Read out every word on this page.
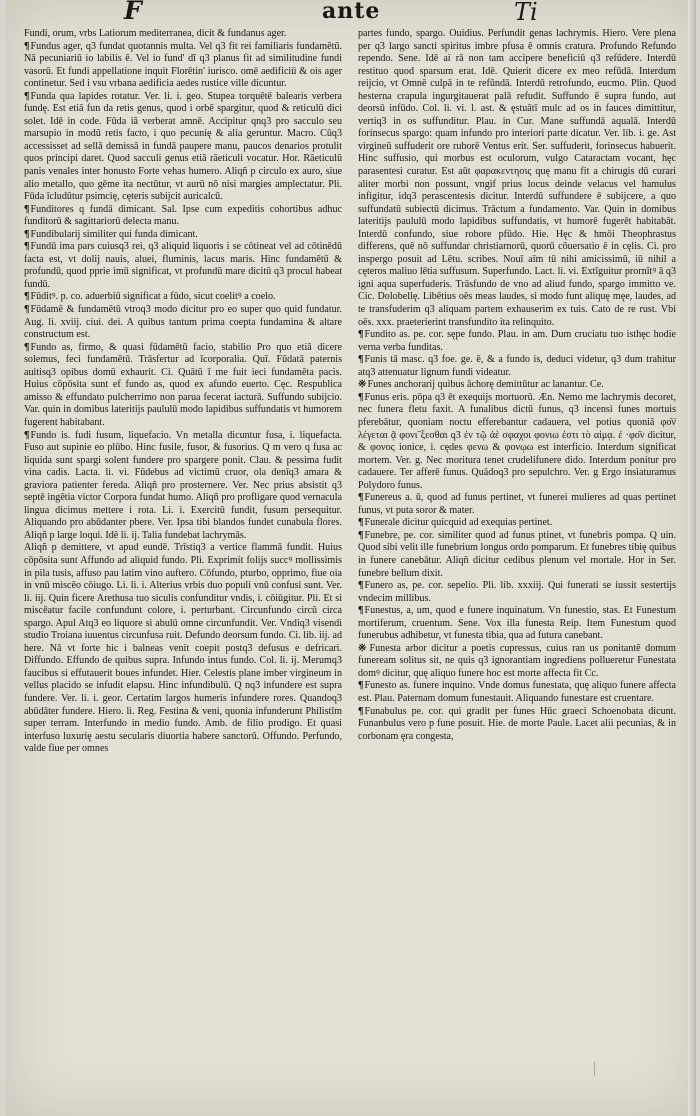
F	ante	Ti

Fundi, orum, vrbs Latiorum mediterranea, dicit & fundanus ager.

¶Fundus ager, q3 fundat quotannis multa. Vel q3 fit rei familiaris fundamētū. Nā pecuniariū io labilis ē. Vel io fund' dī q3 planus fit ad similitudine fundi vasorū. Et fundi appellatione inquit Florētin' iurisco. omē aedificiū & ois ager continetur. Sed i vsu vrbana aedificia aedes rustice ville dicuntur.

¶Funda qua lapides rotatur. Ver. li. i. geo. Stupea torquētē balearis verbera fundę. Est etiā fun da retis genus, quod i orbē spargitur, quod & reticulū dici solet. Idē in code. Fūda iā verberat amnē. Accipitur qnq3 pro sacculo seu marsupio in modū retis facto, i quo pecunię & alia geruntur. Macro. Cūq3 accessisset ad sellā demissā in fundā paupere manu, paucos denarios protulit quos principi daret. Quod sacculi genus etiā rāeticuli vocatur. Hor. Rāeticulū panis venales inter honusto Forte vehas humero. Aliqñ p circulo ex auro, siue alio metallo, quo gēme ita nectūtur, vt aurū nō nisi margies amplectatur. Pli. Fūda īcludūtur psimcię, cęteris subijcit auricalcū.

¶Funditores q fundā dimicant. Sal. Ipse cum expeditis cohortibus adhuc funditorū & sagittariorū delecta manu.

¶Fundibularij similiter qui funda dimicant.

¶Fundū ima pars cuiusq3 rei, q3 aliquid liquoris i se cōtineat vel ad cōtinēdū facta est, vt dolij nauis, aluei, fluminis, lacus maris. Hinc fundamētū & profundū, quod pprie imū significat, vt profundū mare dicitū q3 procul habeat fundū.

¶Fūditꝰ. p. co. aduerbiū significat a fūdo, sicut coelitꝰ a coelo.

¶Fūdamē & fundamētū vtroq3 modo dicitur pro eo super quo quid fundatur. Aug. li. xviij. ciui. dei. A quibus tantum prima coepta fundamina & altare constructum est.

¶Fundo as, firmo, & quasi fūdamētū facio, stabilio Pro quo etiā dicere solemus, feci fundamētū. Trāsfertur ad īcorporalia. Quī. Fūdatā paternis auitisq3 opibus domū exhaurit. Ci. Quātū ī me fuit ieci fundamēta pacis. Huius cōpōsita sunt ef fundo as, quod ex afundo euerto. Cęc. Respublica amisso & effundato pulcherrimo non parua fecerat iacturā. Suffundo subijcio. Var. quin in domibus lateritijs paululū modo lapidibus suffundatis vt humorem fugerent habitabant.

¶Fundo is. fudi fusum, liquefacio. Vn metalla dicuntur fusa, i. liquefacta. Fuso aut supinie eo plūbo. Hinc fusile, fusor, & fusorius. Q m vero q fusa ac liquida sunt spargi solent fundere pro spargere ponit. Clau. & pessima fudit vina cadis. Lacta. li. vi. Fūdebus ad victimū cruor, ola denīq3 amara & graviora patienter fereda. Aliqñ pro prosternere. Ver. Nec prius absistit q3 septē ingētia victor Corpora fundat humo. Aliqñ pro profligare quod vernacula lingua dicimus mettere i rota. Li. i. Exercitū fundit, fusum persequitur. Aliquando pro abūdanter pbere. Ver. Ipsa tibi blandos fundet cunabula flores. Aliqñ p large loqui. Idē li. ij. Talia fundebat lachrymās.

Aliqñ p demittere, vt apud eundē. Trīstiq3 a vertice flammā fundit. Huius cōpōsita sunt Affundo ad aliquid fundo. Pli. Exprimit folijs succꝰ mollissimis in pila tusis, affuso pau latim vino auftero. Cōfundo, pturbo, opprimo, fiue oia in vnū miscēo cōiugo. Li. li. i. Alterius vrbis duo populi vnū confusi sunt. Ver. li. iij. Quin ficere Arethusa tuo siculis confunditur vndis, i. cōiūgitur. Pli. Et si miscēatur facile confundunt colore, i. perturbant. Circunfundo circū circa spargo. Apul Atq3 eo liquore si abulū omne circunfundit. Ver. Vndiq3 visendi studio Troiana iuuentus circunfusa ruit. Defundo deorsum fundo. Ci. lib. iij. ad here. Nā vt forte hic i balneas venit coepit postq3 defusus e defricari. Diffundo. Effundo de quibus supra. Infundo intus fundo. Col. li. ij. Merumq3 faucibus si effutauerit boues infundet. Hier. Celestis plane imber virgineum in vellus placido se infudit elapsu. Hinc infundibulū. Q nq3 infundere est supra fundere. Ver. li. i. geor. Certatim largos humeris infundere rores. Quandoq3 abūdāter fundere. Hiero. li. Reg. Festina & veni, quonia infunderunt Philistīm super terram. Interfundo in medio fundo. Amb. de filio prodigo. Et quasi interfuso luxurię aestu secularis diuortia habere sanctorū. Offundo. Perfundo, valde fiue per omnes

partes fundo, spargo. Ouidius. Perfundit genas lachrymis. Hiero. Vere plena per q3 largo sancti spiritus imbre pfusa ē omnis cratura. Profundo Refundo rependo. Sene. Idē ai rā non tam accipere beneficiū q3 refūdere. Interdū restituo quod sparsum erat. Idē. Quierit dicere ex meo refūdā. Interdum reijcio, vt Omnē culpā in te refūndā. Interdū retrofundo, eucmo. Plin. Quod hesterna crapula ingurgitauerat palā refudit. Suffundo ē supra fundo, aut deorsū infūdo. Col. li. vi. l. ast. & ęstuātī mulc ad os in fauces dimittitur, vertiq3 in os suffunditur. Plau. in Cur. Mane suffundā aqualā. Interdū forinsecus spargo: quam infundo pro interiori parte dicatur. Ver. lib. i. ge. Ast virgineū suffuderit ore ruborē Ventus erit. Ser. suffuderit, forinsecus habuerit. Hinc suffusio, qui morbus est oculorum, vulgo Cataractam vocant, hęc parasentesi curatur. Est aūt φαρακεντησις quę manu fit a chirugis dū curari aliter morbi non possunt, vngif prius locus deinde velacus vel hamulus infigitur, idq3 perascentesis dicitur. Interdū suffundere ē subijcere, a quo suffundatū subiectū dicimus. Trāctum a fundamento. Var. Quin in domibus lateritijs paululū modo lapidibus suffundatis, vt humorē fugerēt habitabāt. Interdū confundo, siue robore pfūdo. Hie. Hęc & hmōi Theophrastus differens, quē nō suffundar christiarnorū, quorū cōuersatio ē in cęlis. Ci. pro inspergo posuit ad Lētu. scribes. Nouī aīm tū nihi amicissimū, iū nihil a cęteros maliuo lētia suffusum. Superfundo. Lact. li. vi. Extīguitur prornītꝰ ā q3 igni aqua superfuderis. Trāsfundo de vno ad aliud fundo, spargo immitto ve. Cic. Dolobellę. Libētius oēs meas laudes, si modo funt aliquę męe, laudes, ad te transfuderim q3 aliquam partem exhauserim ex tuis. Cato de re rust. Vbi oēs. xxx. praeterierint transfundito ita relinquito.

¶Fundito as. pe. cor. sępe fundo. Plau. in am. Dum cruciatu tuo isthęc hodie verna verba funditas.

¶Funis tā masc. q3 foe. ge. ē, & a fundo is, deduci videtur, q3 dum trahitur atq3 attenuatur lignum fundi videatur.

※Funes anchorarij quibus āchorę demittūtur ac lanantur. Ce.

¶Funus eris. pōpa q3 ēt exequijs mortuorū. Æn. Nemo me lachrymis decoret, nec funera fletu faxit. A funalibus dictū funus, q3 incensi funes mortuis pferebātur, quoniam noctu efferebantur cadauera, vel potius quoniā φο̄ν̄ λέγεται ᾷ φονι̃ ξεσθαι q3 ἐν τῷ ἀἑ σφαχοι φονιω ἐστι τὸ αἰμᾳ. ἐ ·φο̄ν dicitur, & φονος ionice, i. cędes φενω & φονῳω est interficio. Interdum significat mortem. Ver. g. Nec moritura tenet crudelifunere dido. Interdum ponitur pro cadauere. Ter afferē funus. Quādoq3 pro sepulchro. Ver. g Ergo insiaturamus Polydoro funus.

¶Funereus a. ū, quod ad funus pertinet, vt funerei mulieres ad quas pertinet funus, vt puta soror & mater.

¶Funerale dicitur quicquid ad exequias pertinet.

¶Funebre, pe. cor. similiter quod ad funus ptinet, vt funebris pompa. Q uin. Quod sibi velit ille funebrium longus ordo pomparum. Et funebres tibię quibus in funere canebātur. Aliqñ dicitur cedibus plenum vel mortale. Hor in Ser. funebre bellum dixit.

¶Funero as, pe. cor. sepelio. Pli. lib. xxxiij. Qui funerati se iussit sestertijs vndecim millibus.

¶Funestus, a, um, quod e funere inquinatum. Vn funestio, stas. Et Funestum mortiferum, cruentum. Sene. Vox illa funesta Reip. Item Funestum quod funerubus adhibetur, vt funesta tibia, qua ad futura canebant.

※Funesta arbor dicitur a poetis cupressus, cuius ran us ponitantē domum funeream solitus sit, ne quis q3 ignorantiam ingrediens pollueretur Funestata domꝰ dicitur, quę aliquo funere hoc est morte affecta fit Cc.

¶Funesto as. funere inquino. Vnde domus funestata, quę aliquo funere affecta est. Plau. Paternam domum funestauit. Aliquando funestare est cruentare.

¶Funabulus pe. cor. qui gradit per funes Hūc graeci Schoenobata dicunt. Funanbulus vero p fune posuit. Hie. de morte Paule. Lacet alii pecunias, & in corbonam ęra congesta,
